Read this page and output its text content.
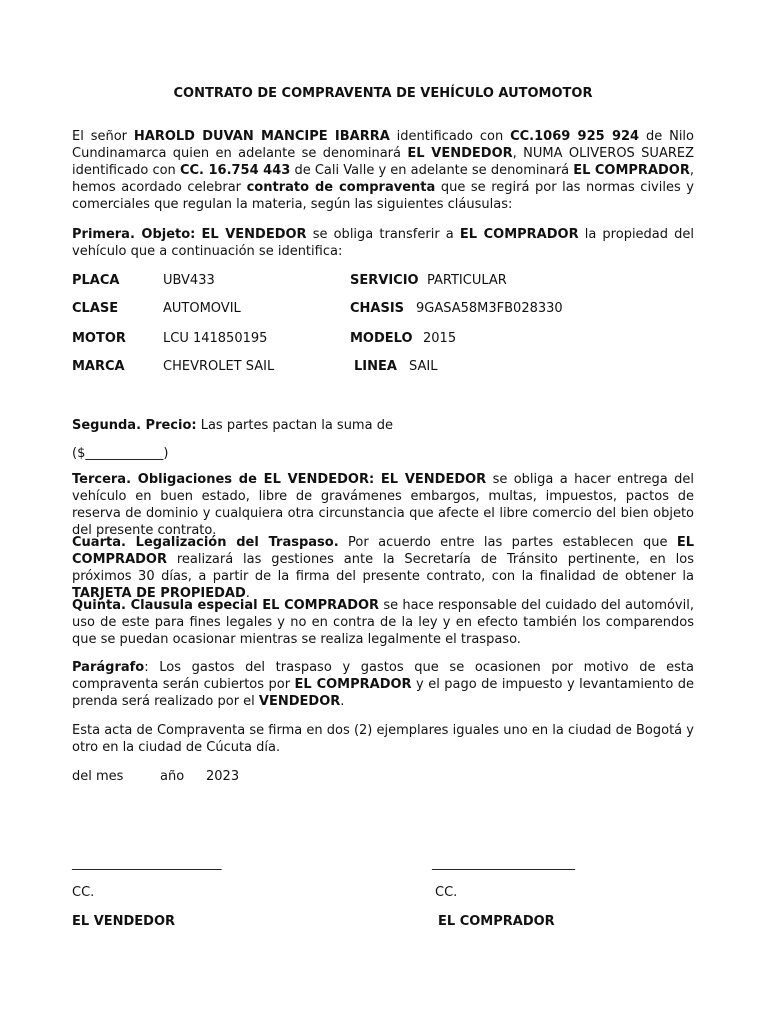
CONTRATO DE COMPRAVENTA DE VEHÍCULO AUTOMOTOR

El señor HAROLD DUVAN MANCIPE IBARRA identificado con CC.1069 925 924 de Nilo Cundinamarca quien en adelante se denominará EL VENDEDOR, NUMA OLIVEROS SUAREZ identificado con CC. 16.754 443 de Cali Valle y en adelante se denominará EL COMPRADOR, hemos acordado celebrar contrato de compraventa que se regirá por las normas civiles y comerciales que regulan la materia, según las siguientes cláusulas:

Primera. Objeto: EL VENDEDOR se obliga transferir a EL COMPRADOR la propiedad del vehículo que a continuación se identifica:

PLACA	UBV433	SERVICIO PARTICULAR
CLASE	AUTOMOVIL	CHASIS 9GASA58M3FB028330
MOTOR	LCU 141850195	MODELO 2015
MARCA	CHEVROLET SAIL	LINEA SAIL

Segunda. Precio: Las partes pactan la suma de

($____________)

Tercera. Obligaciones de EL VENDEDOR: EL VENDEDOR se obliga a hacer entrega del vehículo en buen estado, libre de gravámenes embargos, multas, impuestos, pactos de reserva de dominio y cualquiera otra circunstancia que afecte el libre comercio del bien objeto del presente contrato.

Cuarta. Legalización del Traspaso. Por acuerdo entre las partes establecen que EL COMPRADOR realizará las gestiones ante la Secretaría de Tránsito pertinente, en los próximos 30 días, a partir de la firma del presente contrato, con la finalidad de obtener la TARJETA DE PROPIEDAD.

Quinta. Clausula especial EL COMPRADOR se hace responsable del cuidado del automóvil, uso de este para fines legales y no en contra de la ley y en efecto también los comparendos que se puedan ocasionar mientras se realiza legalmente el traspaso.

Parágrafo: Los gastos del traspaso y gastos que se ocasionen por motivo de esta compraventa serán cubiertos por EL COMPRADOR y el pago de impuesto y levantamiento de prenda será realizado por el VENDEDOR.

Esta acta de Compraventa se firma en dos (2) ejemplares iguales uno en la ciudad de Bogotá y otro en la ciudad de Cúcuta día.

del mes	año 2023
_______________________	______________________
CC.	CC.
EL VENDEDOR	EL COMPRADOR
